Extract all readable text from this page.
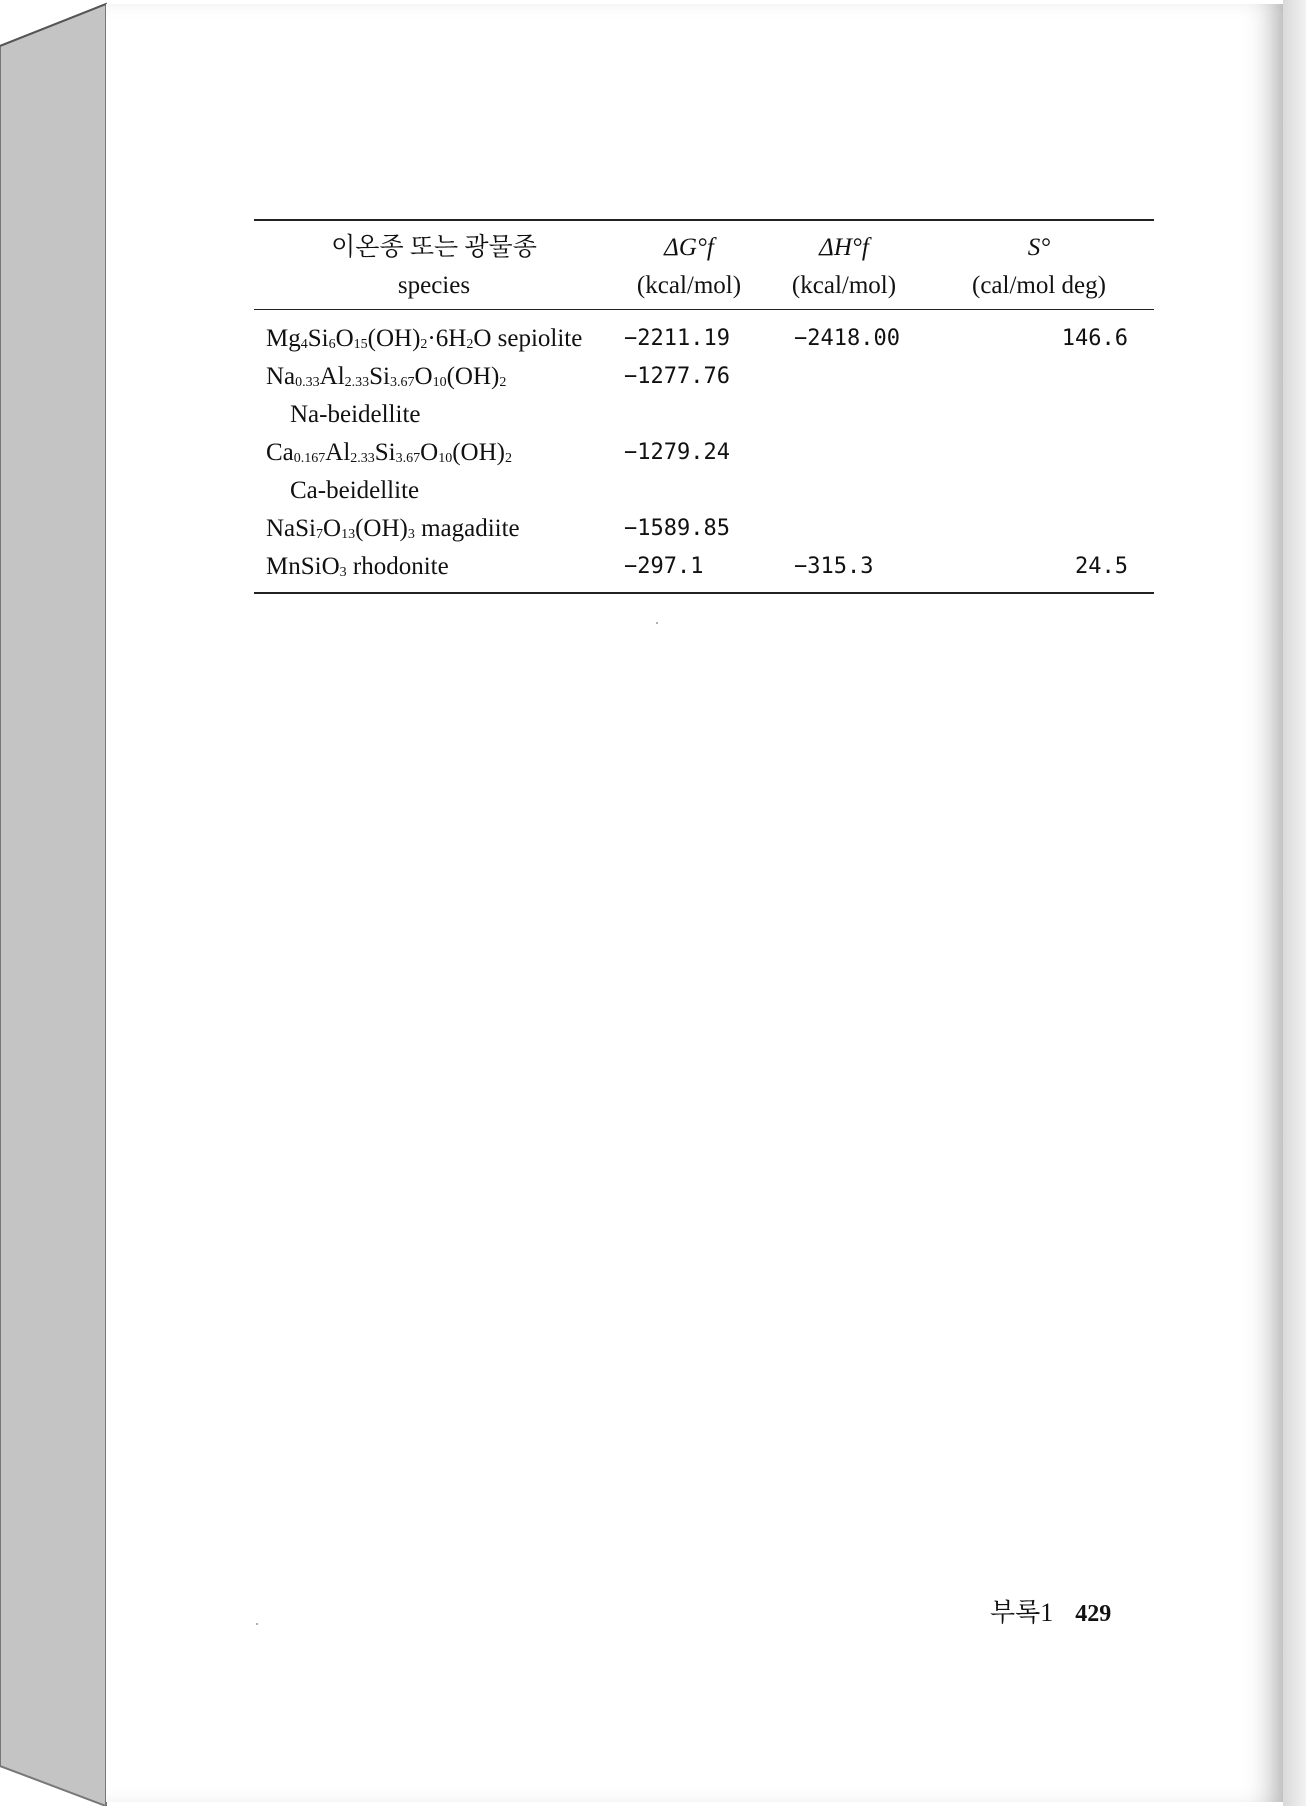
이온종 또는 광물종	ΔG°f	ΔH°f	S°
species	(kcal/mol)	(kcal/mol)	(cal/mol deg)
$Mg_4Si_6O_{15}(OH)_2\cdot 6H_2O$ sepiolite	−2211.19	−2418.00	146.6
$Na_{0.33}Al_{2.33}Si_{3.67}O_{10}(OH)_2$
Na-beidellite	−1277.76		
$Ca_{0.167}Al_{2.33}Si_{3.67}O_{10}(OH)_2$
Ca-beidellite	−1279.24		
$NaSi_7O_{13}(OH)_3$ magadiite	−1589.85		
MnSiO$_3$ rhodonite	−297.1	−315.3	24.5
부록1 429
